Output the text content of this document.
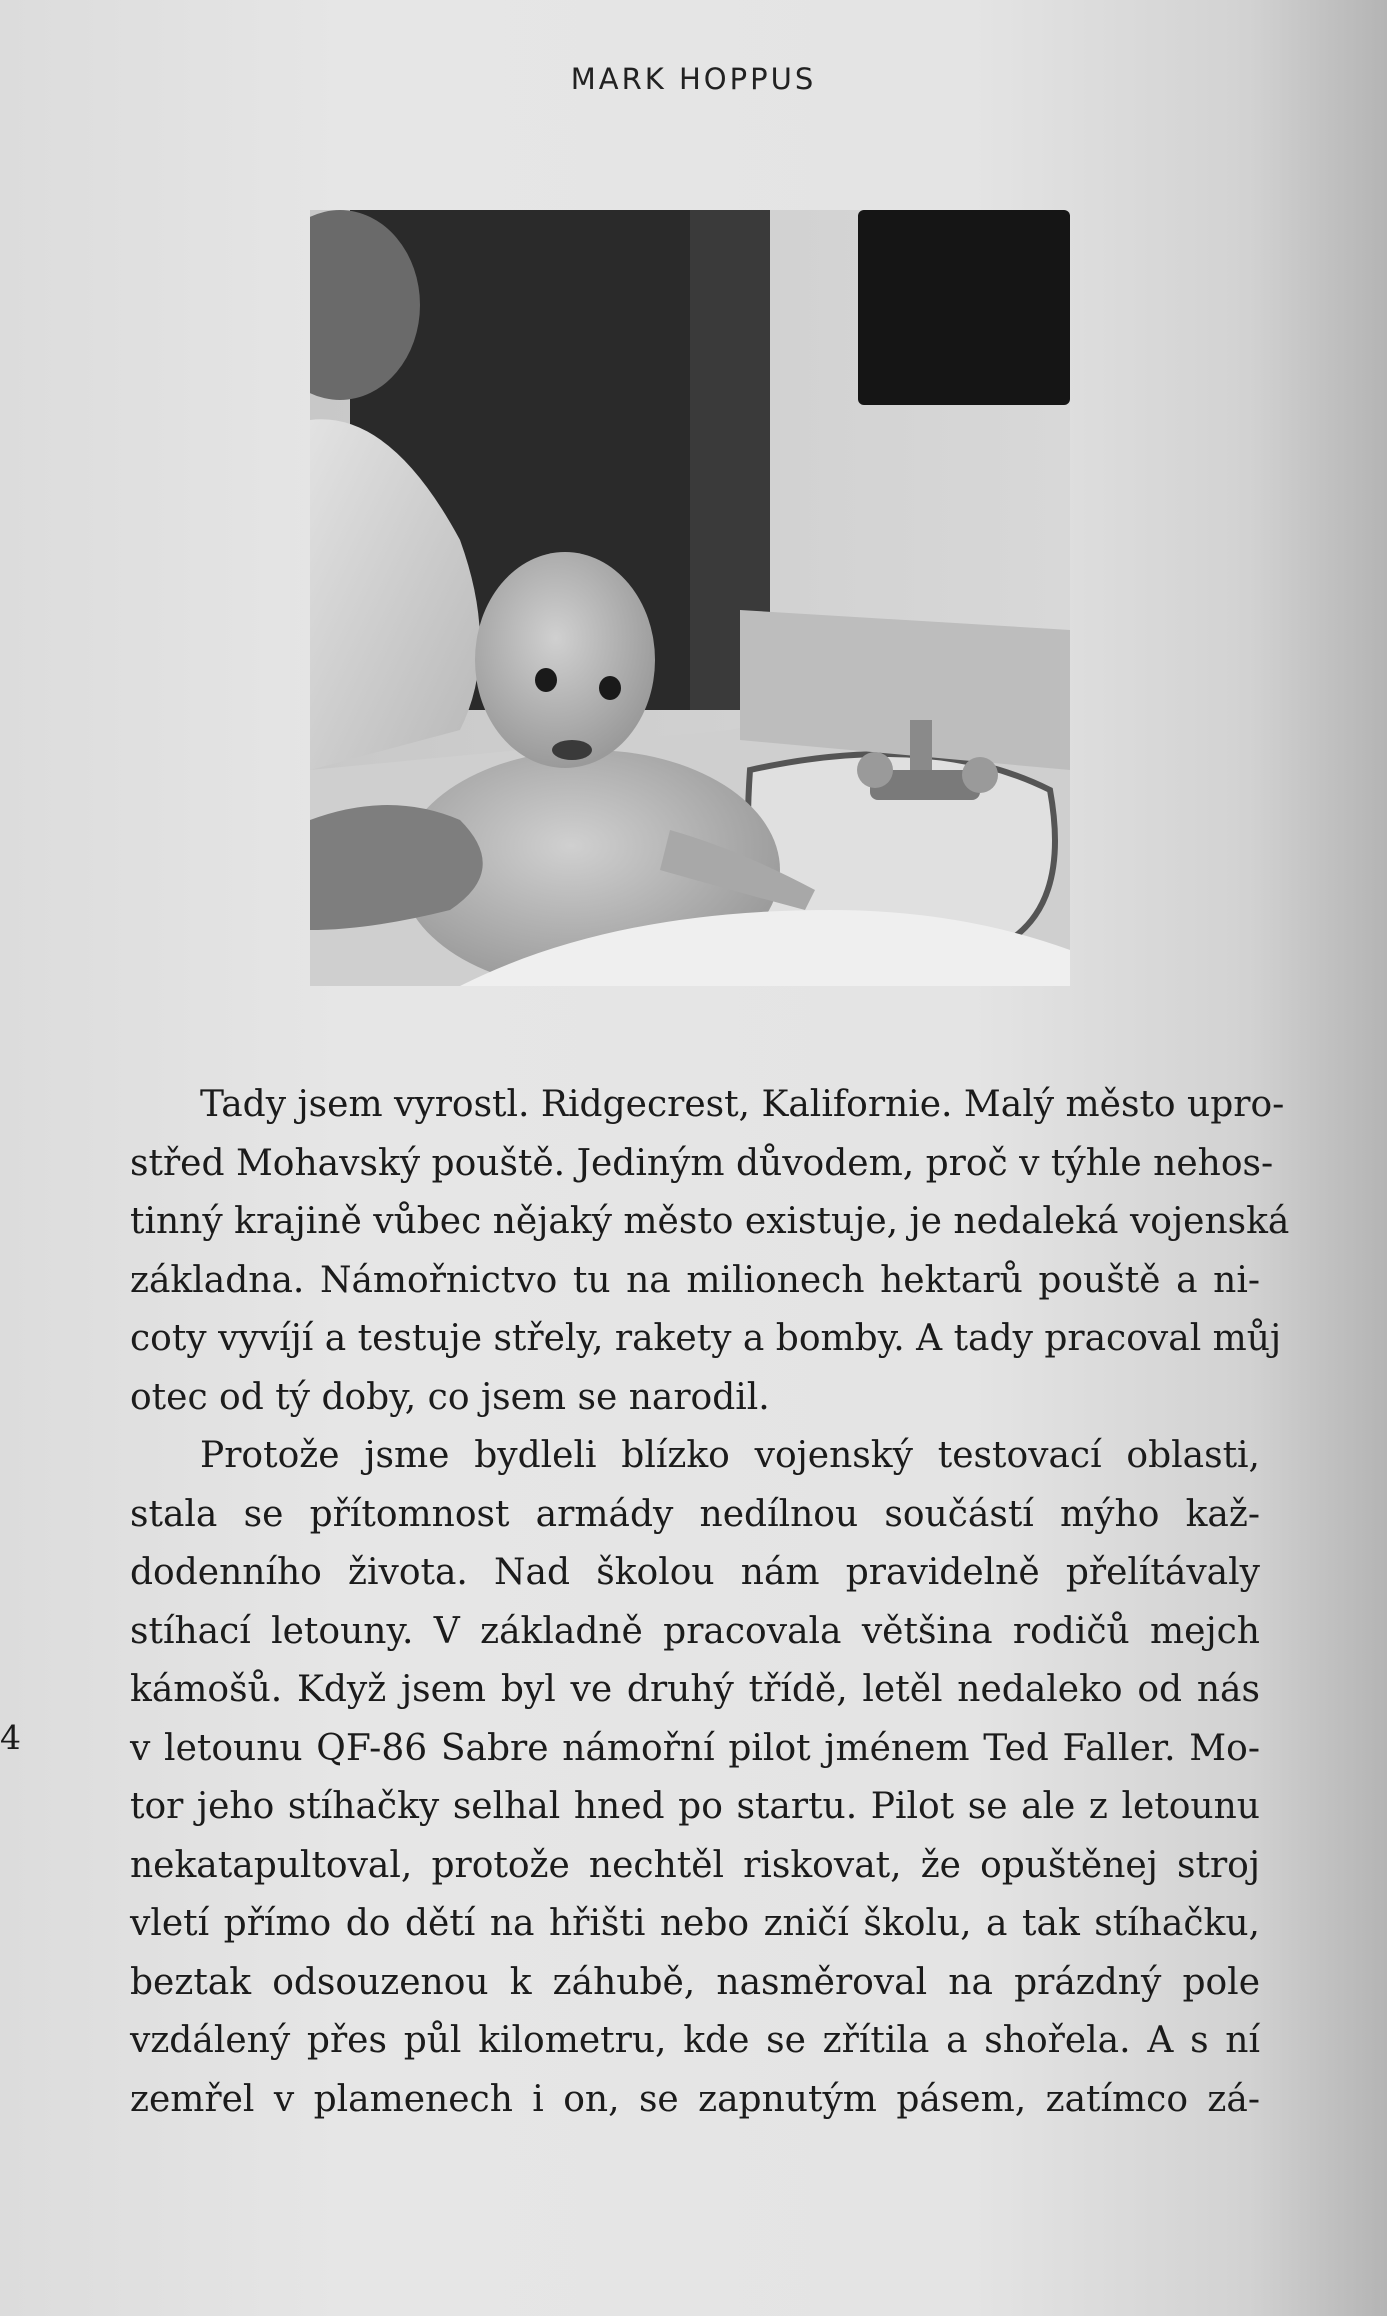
MARK HOPPUS
4
Tady jsem vyrostl. Ridgecrest, Kalifornie. Malý město upro-
střed Mohavský pouště. Jediným důvodem, proč v týhle nehos-
tinný krajině vůbec nějaký město existuje, je nedaleká vojenská
základna. Námořnictvo tu na milionech hektarů pouště a ni-
coty vyvíjí a testuje střely, rakety a bomby. A tady pracoval můj
otec od tý doby, co jsem se narodil.
Protože jsme bydleli blízko vojenský testovací oblasti,
stala se přítomnost armády nedílnou součástí mýho kaž-
dodenního života. Nad školou nám pravidelně přelítávaly
stíhací letouny. V základně pracovala většina rodičů mejch
kámošů. Když jsem byl ve druhý třídě, letěl nedaleko od nás
v letounu QF-86 Sabre námořní pilot jménem Ted Faller. Mo-
tor jeho stíhačky selhal hned po startu. Pilot se ale z letounu
nekatapultoval, protože nechtěl riskovat, že opuštěnej stroj
vletí přímo do dětí na hřišti nebo zničí školu, a tak stíhačku,
beztak odsouzenou k záhubě, nasměroval na prázdný pole
vzdálený přes půl kilometru, kde se zřítila a shořela. A s ní
zemřel v plamenech i on, se zapnutým pásem, zatímco zá-
